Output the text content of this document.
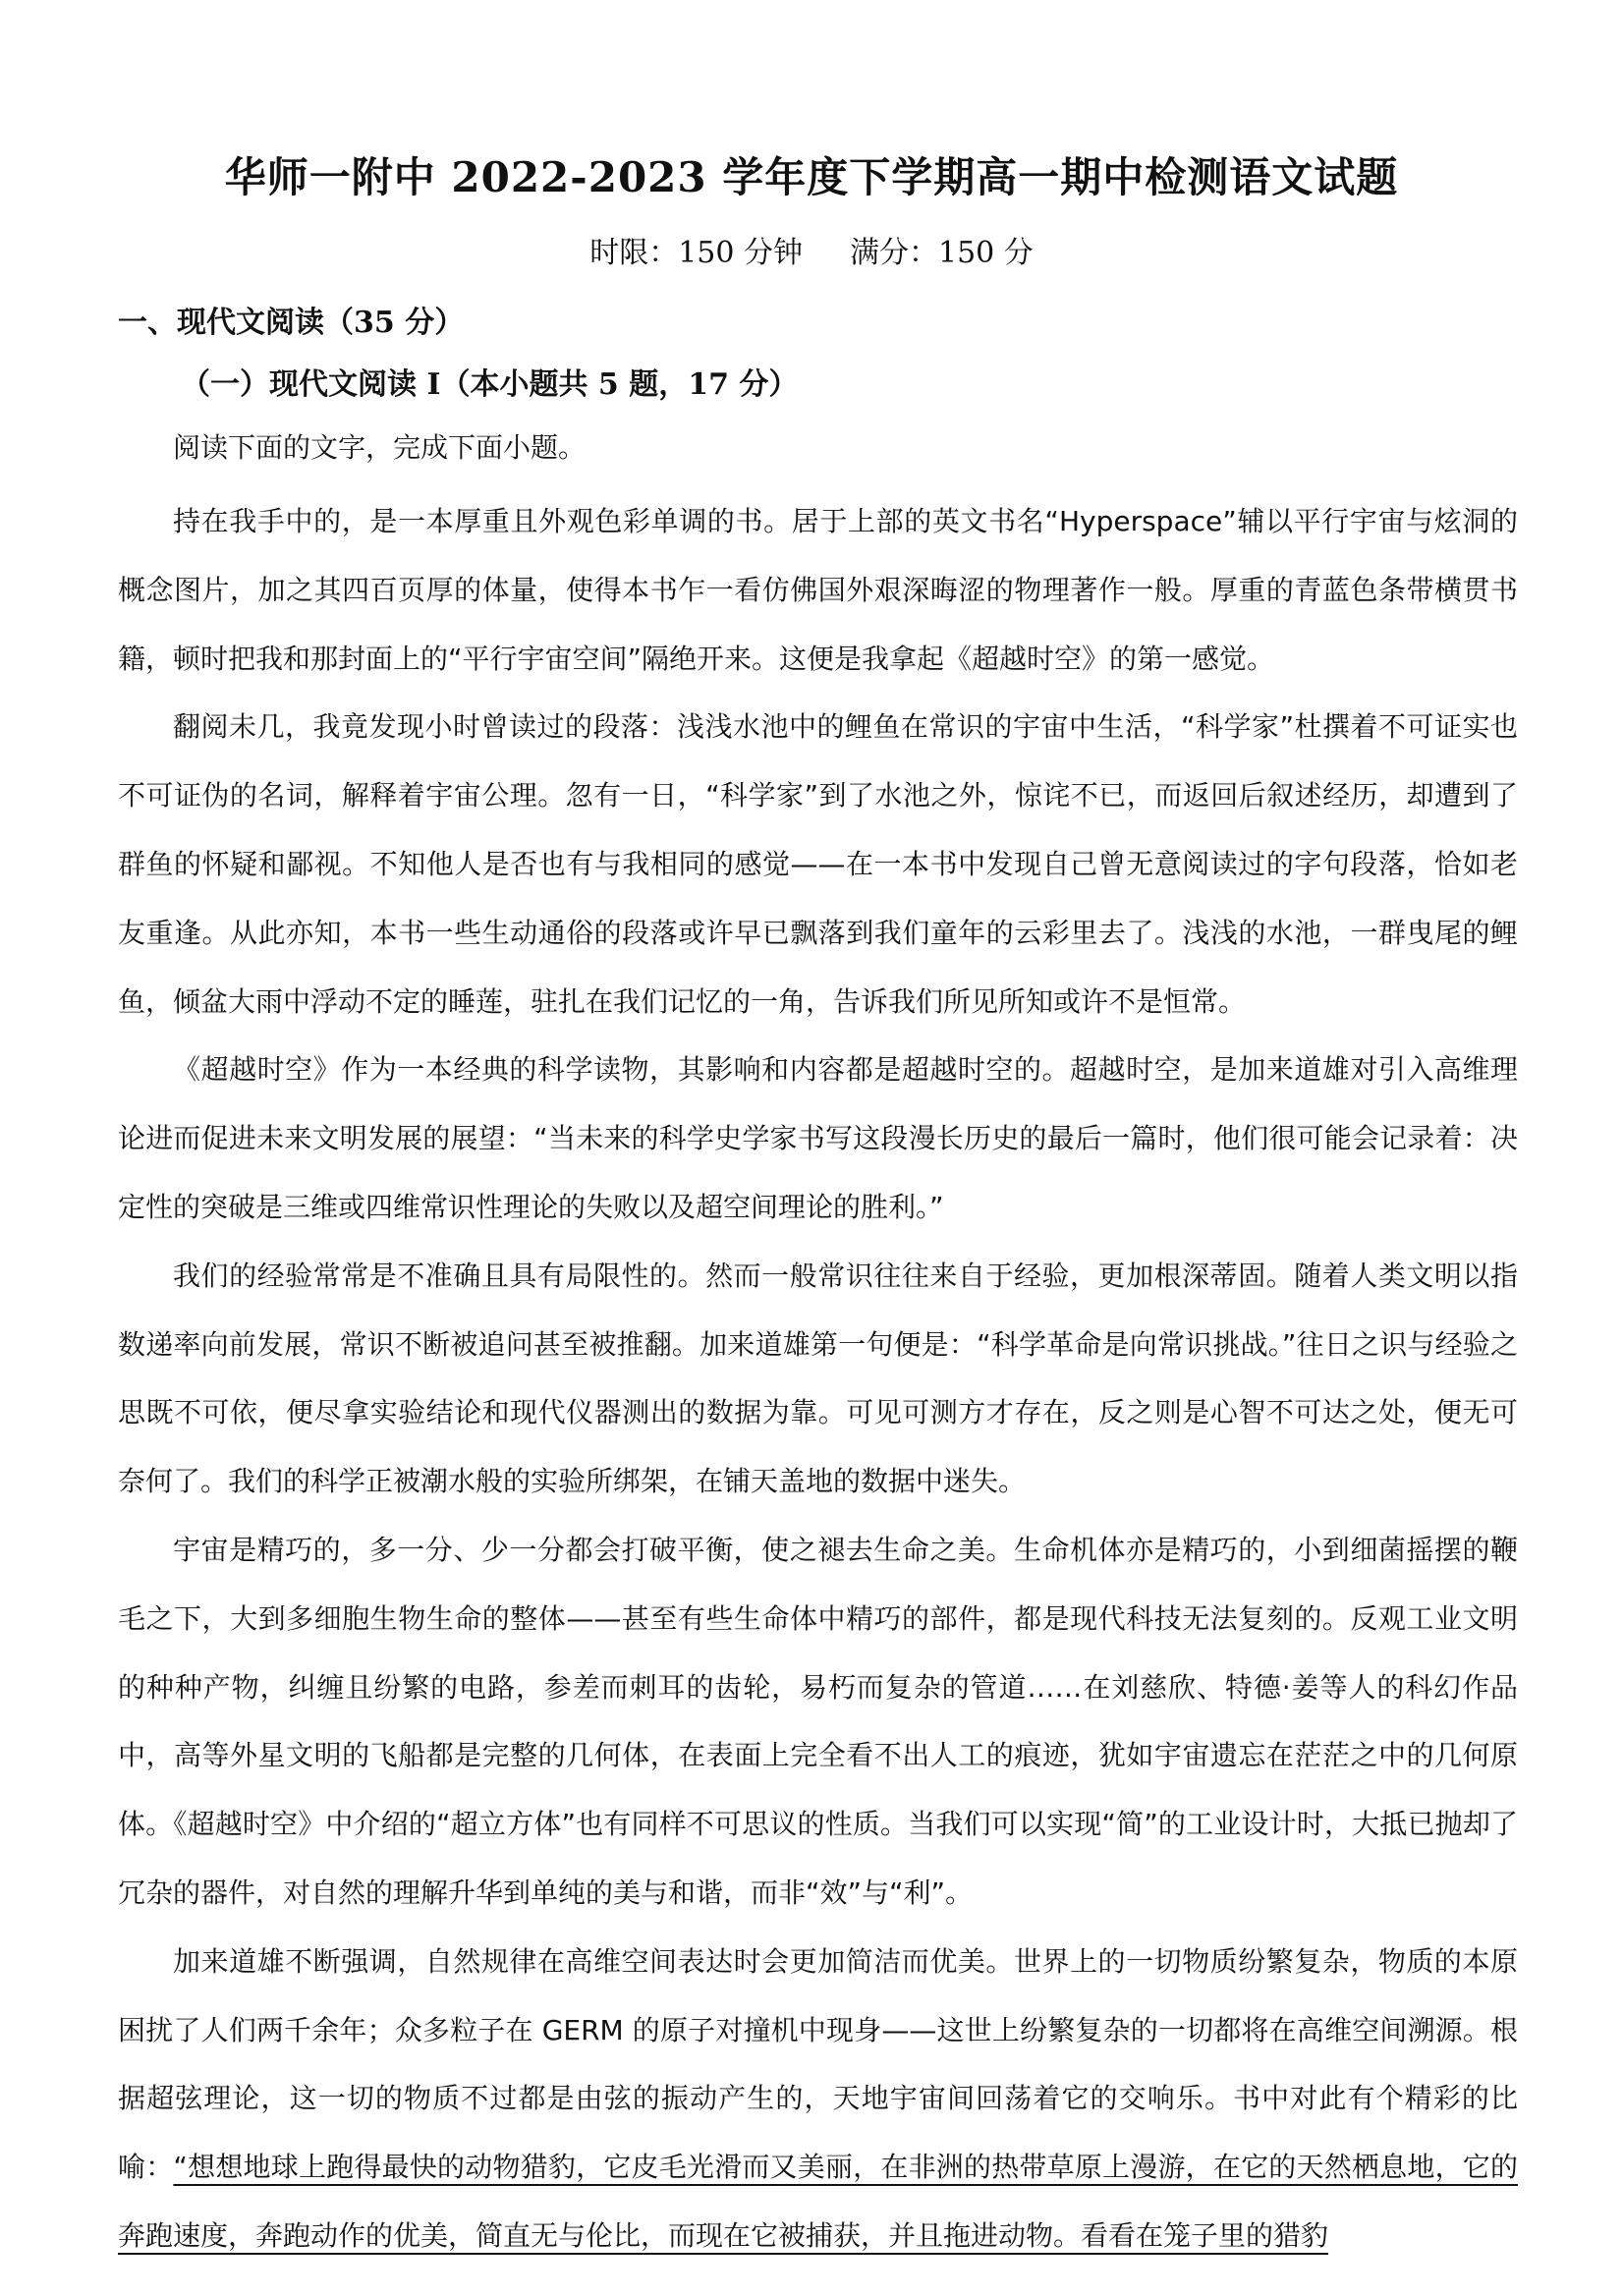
华师一附中 2022-2023 学年度下学期高一期中检测语文试题
时限：150 分钟 满分：150 分
一、现代文阅读（35 分）
（一）现代文阅读 I（本小题共 5 题，17 分）
阅读下面的文字，完成下面小题。

持在我手中的，是一本厚重且外观色彩单调的书。居于上部的英文书名“Hyperspace”辅以平行宇宙与炫洞的概念图片，加之其四百页厚的体量，使得本书乍一看仿佛国外艰深晦涩的物理著作一般。厚重的青蓝色条带横贯书籍，顿时把我和那封面上的“平行宇宙空间”隔绝开来。这便是我拿起《超越时空》的第一感觉。

翻阅未几，我竟发现小时曾读过的段落：浅浅水池中的鲤鱼在常识的宇宙中生活，“科学家”杜撰着不可证实也不可证伪的名词，解释着宇宙公理。忽有一日，“科学家”到了水池之外，惊诧不已，而返回后叙述经历，却遭到了群鱼的怀疑和鄙视。不知他人是否也有与我相同的感觉——在一本书中发现自己曾无意阅读过的字句段落，恰如老友重逢。从此亦知，本书一些生动通俗的段落或许早已飘落到我们童年的云彩里去了。浅浅的水池，一群曳尾的鲤鱼，倾盆大雨中浮动不定的睡莲，驻扎在我们记忆的一角，告诉我们所见所知或许不是恒常。

《超越时空》作为一本经典的科学读物，其影响和内容都是超越时空的。超越时空，是加来道雄对引入高维理论进而促进未来文明发展的展望：“当未来的科学史学家书写这段漫长历史的最后一篇时，他们很可能会记录着：决定性的突破是三维或四维常识性理论的失败以及超空间理论的胜利。”

我们的经验常常是不准确且具有局限性的。然而一般常识往往来自于经验，更加根深蒂固。随着人类文明以指数递率向前发展，常识不断被追问甚至被推翻。加来道雄第一句便是：“科学革命是向常识挑战。”往日之识与经验之思既不可依，便尽拿实验结论和现代仪器测出的数据为靠。可见可测方才存在，反之则是心智不可达之处，便无可奈何了。我们的科学正被潮水般的实验所绑架，在铺天盖地的数据中迷失。

宇宙是精巧的，多一分、少一分都会打破平衡，使之褪去生命之美。生命机体亦是精巧的，小到细菌摇摆的鞭毛之下，大到多细胞生物生命的整体——甚至有些生命体中精巧的部件，都是现代科技无法复刻的。反观工业文明的种种产物，纠缠且纷繁的电路，参差而刺耳的齿轮，易朽而复杂的管道……在刘慈欣、特德·姜等人的科幻作品中，高等外星文明的飞船都是完整的几何体，在表面上完全看不出人工的痕迹，犹如宇宙遗忘在茫茫之中的几何原体。《超越时空》中介绍的“超立方体”也有同样不可思议的性质。当我们可以实现“简”的工业设计时，大抵已抛却了冗杂的器件，对自然的理解升华到单纯的美与和谐，而非“效”与“利”。

加来道雄不断强调，自然规律在高维空间表达时会更加简洁而优美。世界上的一切物质纷繁复杂，物质的本原困扰了人们两千余年；众多粒子在 GERM 的原子对撞机中现身——这世上纷繁复杂的一切都将在高维空间溯源。根据超弦理论，这一切的物质不过都是由弦的振动产生的，天地宇宙间回荡着它的交响乐。书中对此有个精彩的比喻：“想想地球上跑得最快的动物猎豹，它皮毛光滑而又美丽，在非洲的热带草原上漫游，在它的天然栖息地，它的奔跑速度，奔跑动作的优美，简直无与伦比，而现在它被捕获，并且拖进动物。看看在笼子里的猎豹
